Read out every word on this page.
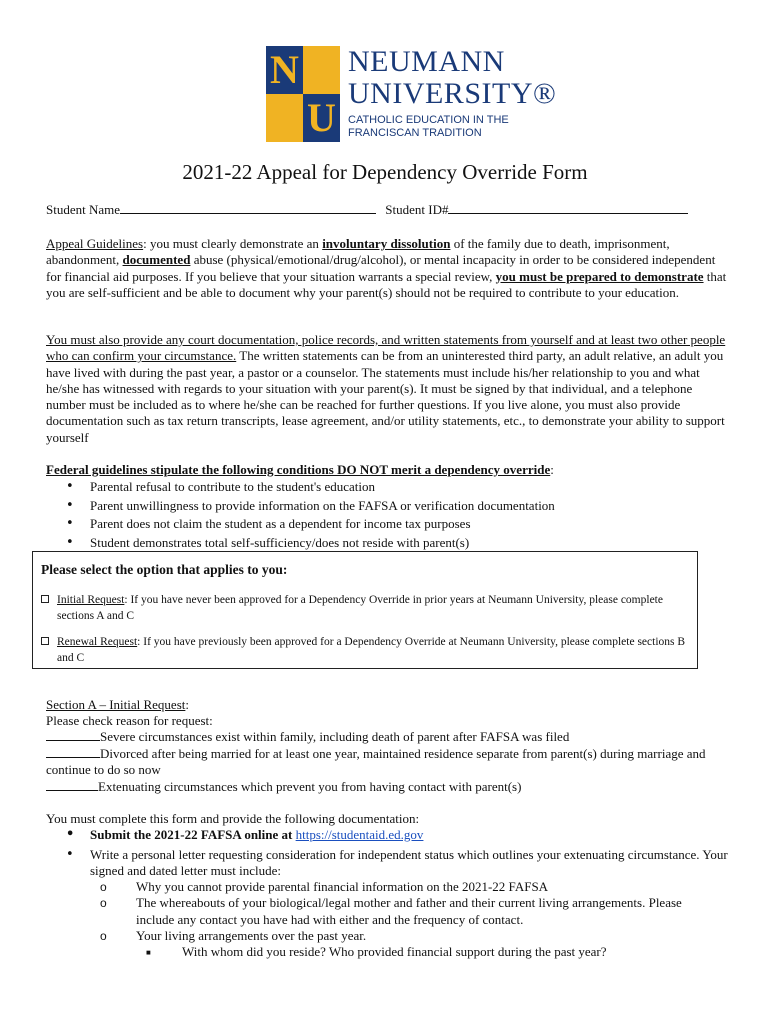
N
U
NEUMANN
UNIVERSITY®
CATHOLIC EDUCATION IN THE
FRANCISCAN TRADITION
2021-22 Appeal for Dependency Override Form
Student Name	Student ID#
Appeal Guidelines: you must clearly demonstrate an involuntary dissolution of the family due to death, imprisonment, abandonment, documented abuse (physical/emotional/drug/alcohol), or mental incapacity in order to be considered independent for financial aid purposes. If you believe that your situation warrants a special review, you must be prepared to demonstrate that you are self-sufficient and be able to document why your parent(s) should not be required to contribute to your education.
You must also provide any court documentation, police records, and written statements from yourself and at least two other people who can confirm your circumstance. The written statements can be from an uninterested third party, an adult relative, an adult you have lived with during the past year, a pastor or a counselor. The statements must include his/her relationship to you and what he/she has witnessed with regards to your situation with your parent(s). It must be signed by that individual, and a telephone number must be included as to where he/she can be reached for further questions. If you live alone, you must also provide documentation such as tax return transcripts, lease agreement, and/or utility statements, etc., to demonstrate your ability to support yourself
Federal guidelines stipulate the following conditions DO NOT merit a dependency override:
• Parental refusal to contribute to the student's education
• Parent unwillingness to provide information on the FAFSA or verification documentation
• Parent does not claim the student as a dependent for income tax purposes
• Student demonstrates total self-sufficiency/does not reside with parent(s)
Please select the option that applies to you:
Initial Request: If you have never been approved for a Dependency Override in prior years at Neumann University, please complete sections A and C
Renewal Request: If you have previously been approved for a Dependency Override at Neumann University, please complete sections B and C
Section A – Initial Request:
Please check reason for request:
Severe circumstances exist within family, including death of parent after FAFSA was filed
Divorced after being married for at least one year, maintained residence separate from parent(s) during marriage and continue to do so now
Extenuating circumstances which prevent you from having contact with parent(s)
You must complete this form and provide the following documentation:
• Submit the 2021-22 FAFSA online at https://studentaid.ed.gov
• Write a personal letter requesting consideration for independent status which outlines your extenuating circumstance. Your signed and dated letter must include:
o Why you cannot provide parental financial information on the 2021-22 FAFSA
o The whereabouts of your biological/legal mother and father and their current living arrangements. Please include any contact you have had with either and the frequency of contact.
o Your living arrangements over the past year.
■ With whom did you reside? Who provided financial support during the past year?
